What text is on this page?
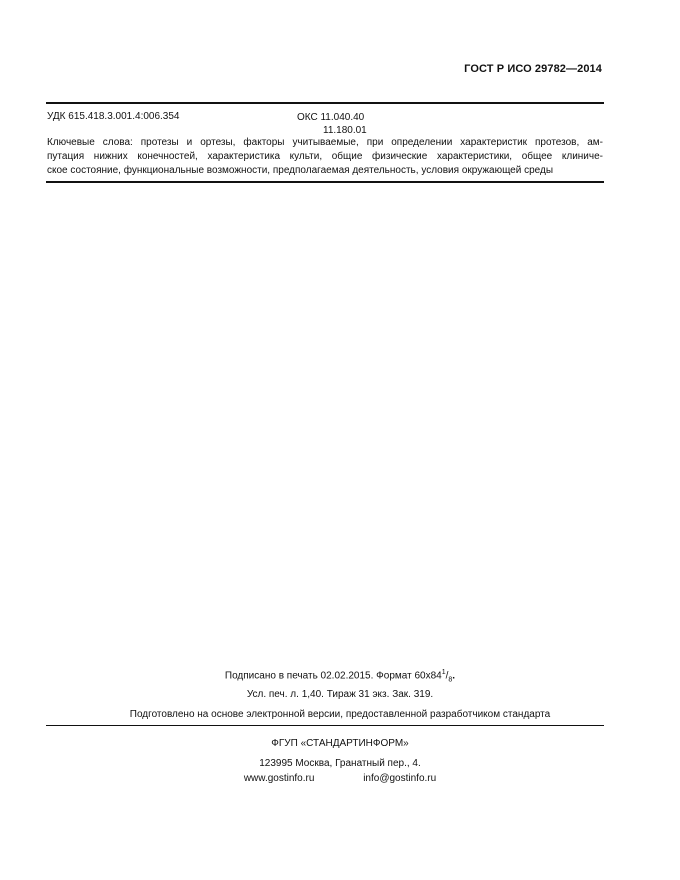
ГОСТ Р ИСО 29782—2014
УДК 615.418.3.001.4:006.354	ОКС 11.040.40
11.180.01
Ключевые слова: протезы и ортезы, факторы учитываемые, при определении характеристик протезов, ам-
путация нижних конечностей, характеристика культи, общие физические характеристики, общее клиниче-
ское состояние, функциональные возможности, предполагаемая деятельность, условия окружающей среды
Подписано в печать 02.02.2015. Формат $60x84^1/_8$.
Усл. печ. л. 1,40. Тираж 31 экз. Зак. 319.
Подготовлено на основе электронной версии, предоставленной разработчиком стандарта
ФГУП «СТАНДАРТИНФОРМ»
123995 Москва, Гранатный пер., 4.
www.gostinfo.ru	info@gostinfo.ru
